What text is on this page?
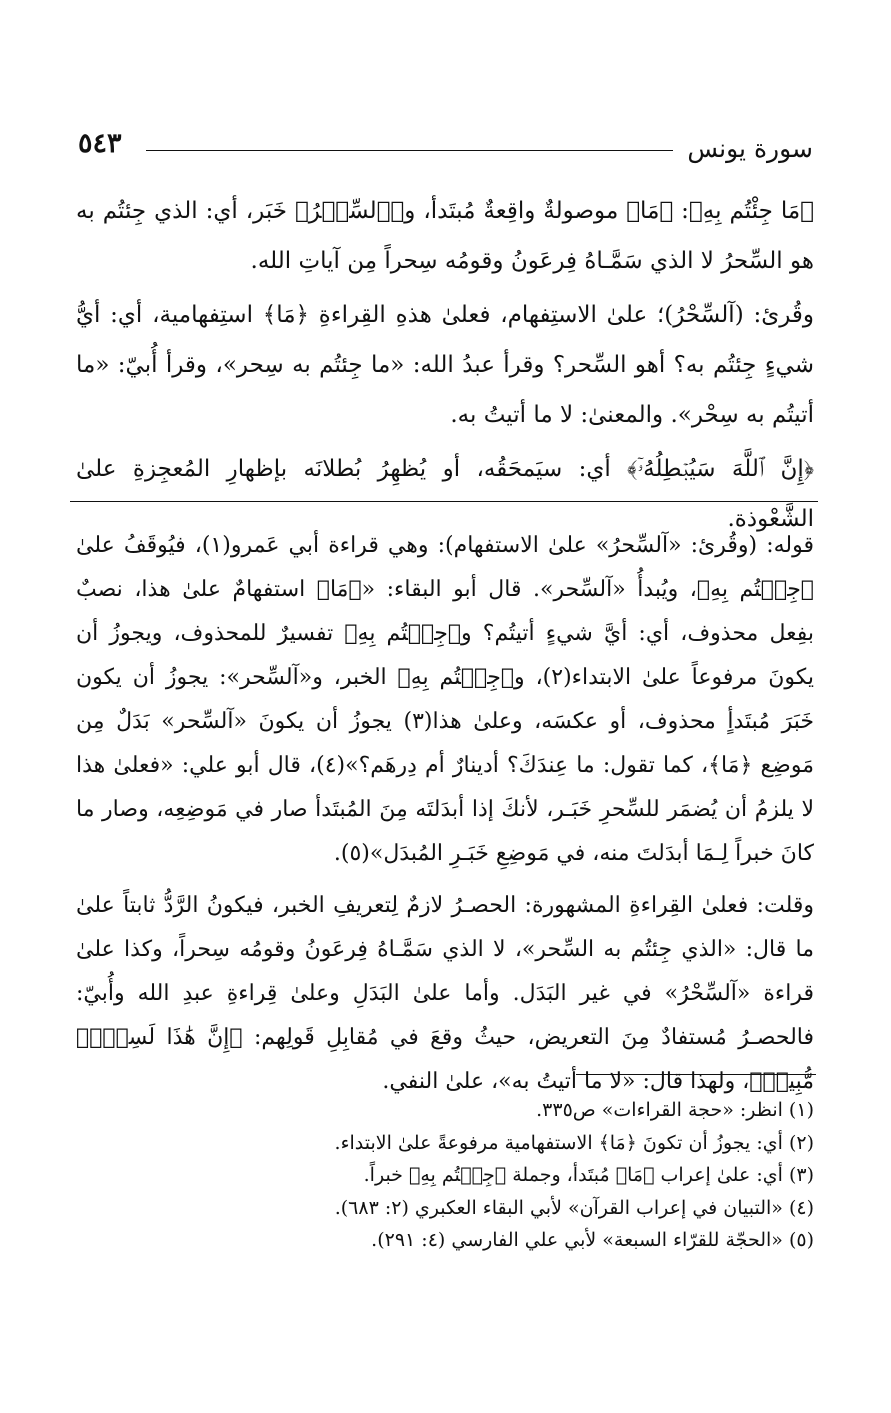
سورة يونس
٥٤٣

﴿مَا جِئْتُم بِهِ﴾: ﴿مَا﴾ موصولةٌ واقِعةٌ مُبتَدأ، و﴿ٱلسِّحۡرُ﴾ خَبَر، أي: الذي جِئتُم به هو السِّحرُ لا الذي سَمَّـاهُ فِرعَونُ وقومُه سِحراً مِن آياتِ الله.

وقُرئ: (آلسِّحْرُ)؛ علىٰ الاستِفهام، فعلىٰ هذهِ القِراءةِ ﴿مَا﴾ استِفهامية، أي: أيُّ شيءٍ جِئتُم به؟ أهو السِّحر؟ وقرأ عبدُ الله: «ما جِئتُم به سِحر»، وقرأ أُبيّ: «ما أتيتُم به سِحْر». والمعنىٰ: لا ما أتيتُ به.

﴿إِنَّ ٱللَّهَ سَيُبۡطِلُهُۥٓ﴾ أي: سيَمحَقُه، أو يُظهِرُ بُطلانَه بإظهارِ المُعجِزةِ علىٰ الشَّعْوذة.

قوله: (وقُرئ: «آلسِّحرُ» علىٰ الاستفهام): وهي قراءة أبي عَمرو(١)، فيُوقَفُ علىٰ ﴿جِئۡتُم بِهِ﴾، ويُبدأُ «آلسِّحر». قال أبو البقاء: «﴿مَا﴾ استفهامٌ علىٰ هذا، نصبٌ بفِعل محذوف، أي: أيَّ شيءٍ أتيتُم؟ و﴿جِئۡتُم بِهِ﴾ تفسيرٌ للمحذوف، ويجوزُ أن يكونَ مرفوعاً علىٰ الابتداء(٢)، و﴿جِئۡتُم بِهِ﴾ الخبر، و«آلسِّحر»: يجوزُ أن يكون خَبَرَ مُبتَدأٍ محذوف، أو عكسَه، وعلىٰ هذا(٣) يجوزُ أن يكونَ «آلسِّحر» بَدَلٌ مِن مَوضِع ﴿مَا﴾، كما تقول: ما عِندَكَ؟ أدينارٌ أم دِرهَم؟»(٤)، قال أبو علي: «فعلىٰ هذا لا يلزمُ أن يُضمَر للسِّحرِ خَبَـر، لأنكَ إذا أبدَلتَه مِنَ المُبتَدأ صار في مَوضِعِه، وصار ما كانَ خبراً لِـمَا أبدَلتَ منه، في مَوضِعِ خَبَـرِ المُبدَل»(٥).

وقلت: فعلىٰ القِراءةِ المشهورة: الحصـرُ لازمٌ لِتعريفِ الخبر، فيكونُ الرَّدُّ ثابتاً علىٰ ما قال: «الذي جِئتُم به السِّحر»، لا الذي سَمَّـاهُ فِرعَونُ وقومُه سِحراً، وكذا علىٰ قراءة «آلسِّحْرُ» في غير البَدَل. وأما علىٰ البَدَلِ وعلىٰ قِراءةِ عبدِ الله وأُبيّ: فالحصـرُ مُستفادٌ مِنَ التعريض، حيثُ وقعَ في مُقابِلِ قَولِهم: ﴿إِنَّ هَٰذَا لَسِحۡرٞ مُّبِينٞ﴾، ولهذا قال: «لا ما أتيتُ به»، علىٰ النفي.

(١) انظر: «حجة القراءات» ص٣٣٥.

(٢) أي: يجوزُ أن تكونَ ﴿مَا﴾ الاستفهامية مرفوعةً علىٰ الابتداء.

(٣) أي: علىٰ إعراب ﴿مَا﴾ مُبتَدأ، وجملة ﴿جِئۡتُم بِهِ﴾ خبراً.

(٤) «التبيان في إعراب القرآن» لأبي البقاء العكبري (٢: ٦٨٣).

(٥) «الحجّة للقرّاء السبعة» لأبي علي الفارسي (٤: ٢٩١).
